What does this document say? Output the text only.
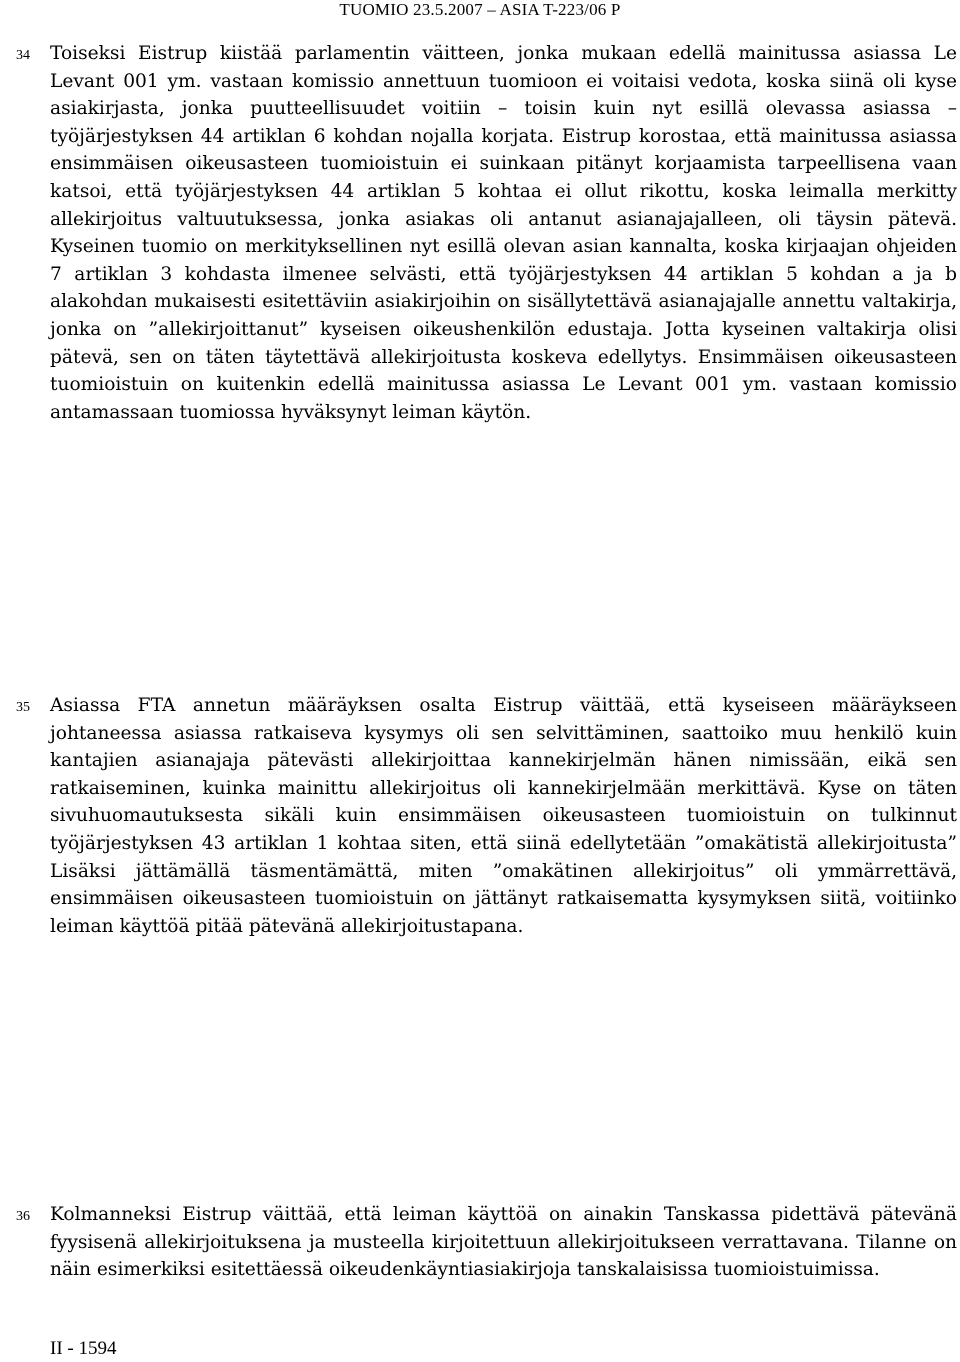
TUOMIO 23.5.2007 – ASIA T-223/06 P
34 Toiseksi Eistrup kiistää parlamentin väitteen, jonka mukaan edellä mainitussa asiassa Le Levant 001 ym. vastaan komissio annettuun tuomioon ei voitaisi vedota, koska siinä oli kyse asiakirjasta, jonka puutteellisuudet voitiin – toisin kuin nyt esillä olevassa asiassa – työjärjestyksen 44 artiklan 6 kohdan nojalla korjata. Eistrup korostaa, että mainitussa asiassa ensimmäisen oikeusasteen tuomioistuin ei suinkaan pitänyt korjaamista tarpeellisena vaan katsoi, että työjärjestyksen 44 artiklan 5 kohtaa ei ollut rikottu, koska leimalla merkitty allekirjoitus valtuutuksessa, jonka asiakas oli antanut asianajajalleen, oli täysin pätevä. Kyseinen tuomio on merkityksellinen nyt esillä olevan asian kannalta, koska kirjaajan ohjeiden 7 artiklan 3 kohdasta ilmenee selvästi, että työjärjestyksen 44 artiklan 5 kohdan a ja b alakohdan mukaisesti esitettäviin asiakirjoihin on sisällytettävä asianajajalle annettu valtakirja, jonka on ”allekirjoittanut” kyseisen oikeushenkilön edustaja. Jotta kyseinen valtakirja olisi pätevä, sen on täten täytettävä allekirjoitusta koskeva edellytys. Ensimmäisen oikeusasteen tuomioistuin on kuitenkin edellä mainitussa asiassa Le Levant 001 ym. vastaan komissio antamassaan tuomiossa hyväksynyt leiman käytön.
35 Asiassa FTA annetun määräyksen osalta Eistrup väittää, että kyseiseen määräykseen johtaneessa asiassa ratkaiseva kysymys oli sen selvittäminen, saattoiko muu henkilö kuin kantajien asianajaja pätevästi allekirjoittaa kannekirjelmän hänen nimissään, eikä sen ratkaiseminen, kuinka mainittu allekirjoitus oli kannekirjelmään merkittävä. Kyse on täten sivuhuomautuksesta sikäli kuin ensimmäisen oikeusasteen tuomioistuin on tulkinnut työjärjestyksen 43 artiklan 1 kohtaa siten, että siinä edellytetään ”omakätistä allekirjoitusta” Lisäksi jättämällä täsmentämättä, miten ”omakätinen allekirjoitus” oli ymmärrettävä, ensimmäisen oikeusasteen tuomioistuin on jättänyt ratkaisematta kysymyksen siitä, voitiinko leiman käyttöä pitää pätevänä allekirjoitustapana.
36 Kolmanneksi Eistrup väittää, että leiman käyttöä on ainakin Tanskassa pidettävä pätevänä fyysisenä allekirjoituksena ja musteella kirjoitettuun allekirjoitukseen verrattavana. Tilanne on näin esimerkiksi esitettäessä oikeudenkäyntiasiakirjoja tanskalaisissa tuomioistuimissa.
II - 1594
